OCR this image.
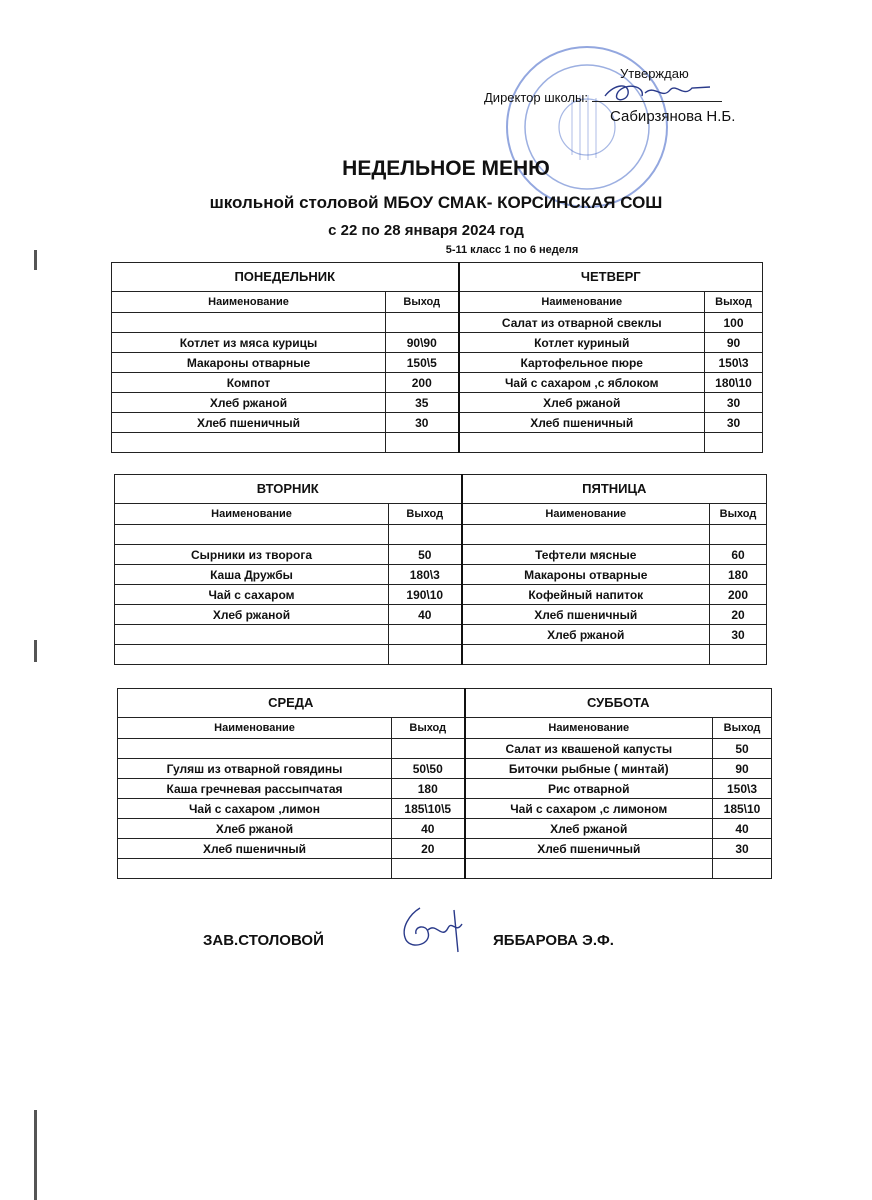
Утверждаю
Директор школы:
Сабирзянова Н.Б.
НЕДЕЛЬНОЕ МЕНЮ
школьной столовой МБОУ СМАК- КОРСИНСКАЯ СОШ
с 22 по 28 января 2024 год
5-11 класс 1 по 6 неделя
ПОНЕДЕЛЬНИК		ЧЕТВЕРГ	
Наименование	Выход	Наименование	Выход
		Салат из отварной свеклы	100
Котлет из мяса курицы	90\90	Котлет куриный	90
Макароны отварные	150\5	Картофельное пюре	150\3
Компот	200	Чай с сахаром ,с яблоком	180\10
Хлеб ржаной	35	Хлеб ржаной	30
Хлеб пшеничный	30	Хлеб пшеничный	30

ВТОРНИК		ПЯТНИЦА	
Наименование	Выход	Наименование	Выход

Сырники из творога	50	Тефтели мясные	60
Каша Дружбы	180\3	Макароны отварные	180
Чай с сахаром	190\10	Кофейный напиток	200
Хлеб ржаной	40	Хлеб пшеничный	20
		Хлеб ржаной	30

СРЕДА		СУББОТА	
Наименование	Выход	Наименование	Выход
		Салат из квашеной капусты	50
Гуляш из отварной говядины	50\50	Биточки рыбные ( минтай)	90
Каша гречневая рассыпчатая	180	Рис отварной	150\3
Чай с сахаром ,лимон	185\10\5	Чай с сахаром ,с лимоном	185\10
Хлеб ржаной	40	Хлеб ржаной	40
Хлеб пшеничный	20	Хлеб пшеничный	30

ЗАВ.СТОЛОВОЙ	ЯББАРОВА Э.Ф.
